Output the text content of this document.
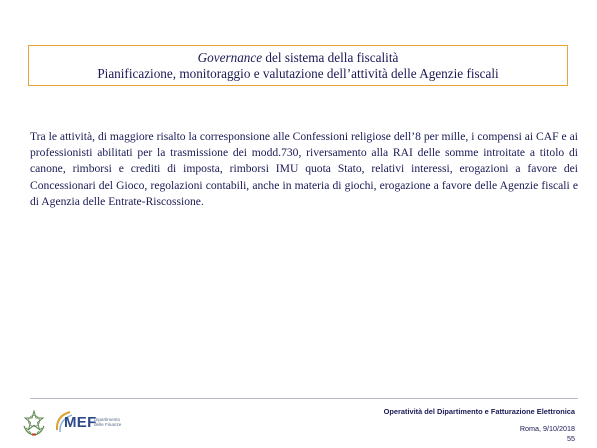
Governance del sistema della fiscalità
Pianificazione, monitoraggio e valutazione dell’attività delle Agenzie fiscali

Tra le attività, di maggiore risalto la corresponsione alle Confessioni religiose dell’8 per mille, i compensi ai CAF e ai professionisti abilitati per la trasmissione dei modd.730, riversamento alla RAI delle somme introitate a titolo di canone, rimborsi e crediti di imposta, rimborsi IMU quota Stato, relativi interessi, erogazioni a favore dei Concessionari del Gioco, regolazioni contabili, anche in materia di giochi, erogazione a favore delle Agenzie fiscali e di Agenzia delle Entrate-Riscossione.

MEF
Dipartimento
delle Finanze
Operatività del Dipartimento e Fatturazione Elettronica
Roma, 9/10/2018
55
